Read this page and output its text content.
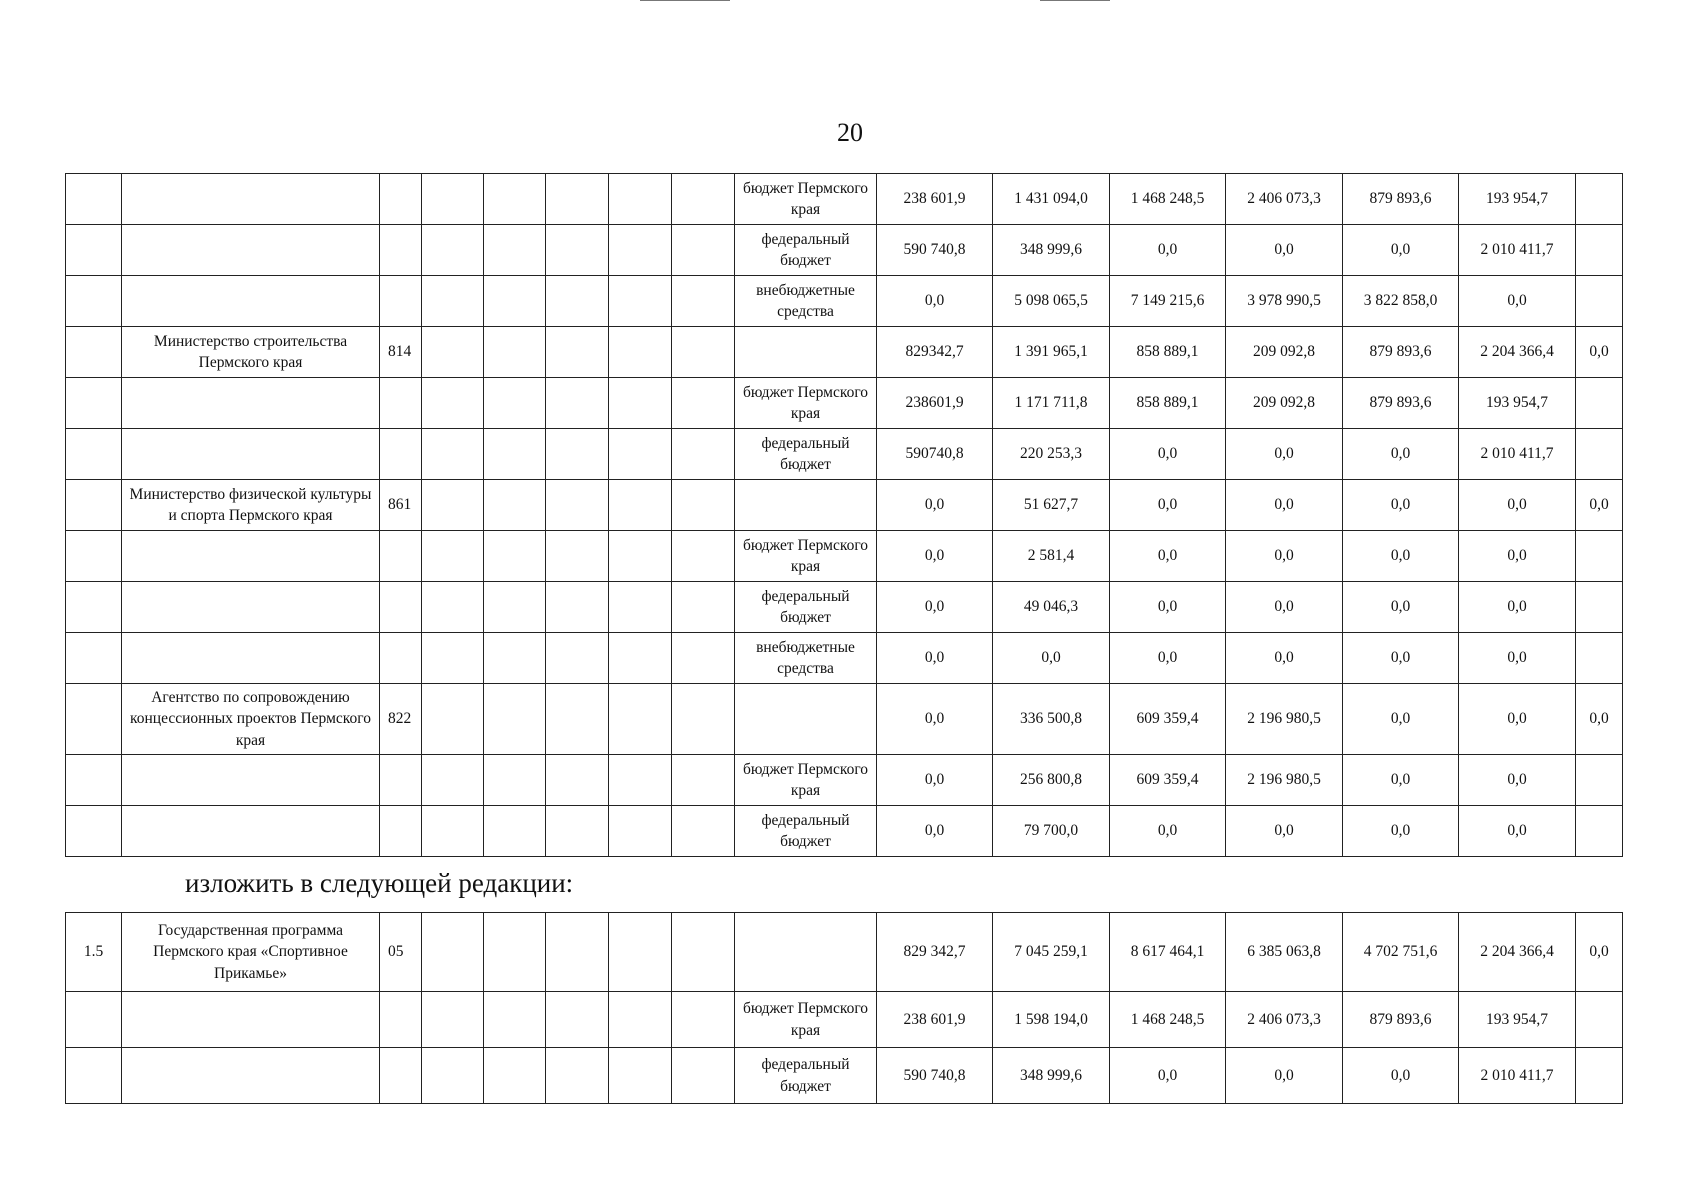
20
								бюджет Пермского края	238 601,9	1 431 094,0	1 468 248,5	2 406 073,3	879 893,6	193 954,7	
								федеральный бюджет	590 740,8	348 999,6	0,0	0,0	0,0	2 010 411,7	
								внебюджетные средства	0,0	5 098 065,5	7 149 215,6	3 978 990,5	3 822 858,0	0,0	
	Министерство строительства Пермского края	814							829342,7	1 391 965,1	858 889,1	209 092,8	879 893,6	2 204 366,4	0,0
								бюджет Пермского края	238601,9	1 171 711,8	858 889,1	209 092,8	879 893,6	193 954,7	
								федеральный бюджет	590740,8	220 253,3	0,0	0,0	0,0	2 010 411,7	
	Министерство физической культуры и спорта Пермского края	861							0,0	51 627,7	0,0	0,0	0,0	0,0	0,0
								бюджет Пермского края	0,0	2 581,4	0,0	0,0	0,0	0,0	
								федеральный бюджет	0,0	49 046,3	0,0	0,0	0,0	0,0	
								внебюджетные средства	0,0	0,0	0,0	0,0	0,0	0,0	
	Агентство по сопровождению концессионных проектов Пермского края	822							0,0	336 500,8	609 359,4	2 196 980,5	0,0	0,0	0,0
								бюджет Пермского края	0,0	256 800,8	609 359,4	2 196 980,5	0,0	0,0	
								федеральный бюджет	0,0	79 700,0	0,0	0,0	0,0	0,0	
изложить в следующей редакции:
1.5	Государственная программа Пермского края «Спортивное Прикамье»	05							829 342,7	7 045 259,1	8 617 464,1	6 385 063,8	4 702 751,6	2 204 366,4	0,0
								бюджет Пермского края	238 601,9	1 598 194,0	1 468 248,5	2 406 073,3	879 893,6	193 954,7	
								федеральный бюджет	590 740,8	348 999,6	0,0	0,0	0,0	2 010 411,7	
